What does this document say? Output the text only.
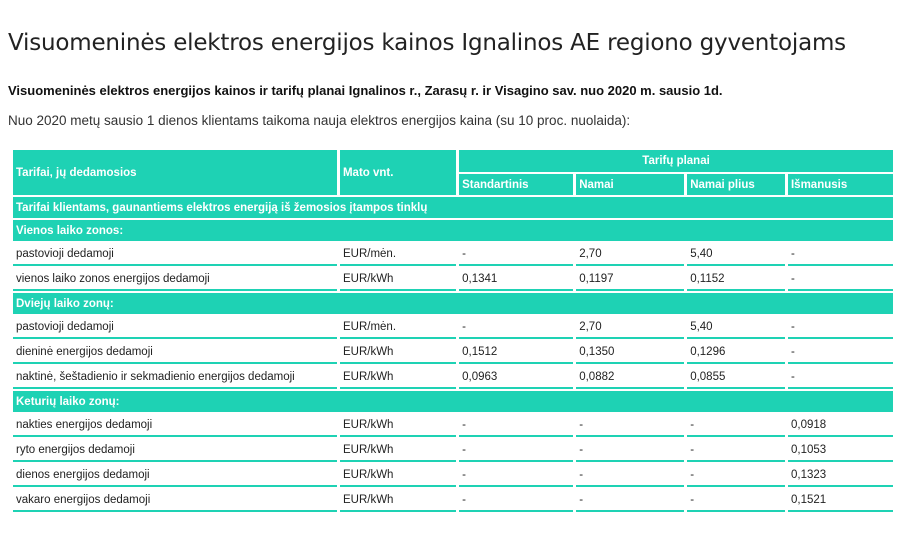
Visuomeninės elektros energijos kainos Ignalinos AE regiono gyventojams

Visuomeninės elektros energijos kainos ir tarifų planai Ignalinos r., Zarasų r. ir Visagino sav. nuo 2020 m. sausio 1d.

Nuo 2020 metų sausio 1 dienos klientams taikoma nauja elektros energijos kaina (su 10 proc. nuolaida):

Tarifai, jų dedamosios	Mato vnt.	Tarifų planai			
		Standartinis	Namai	Namai plius	Išmanusis
Tarifai klientams, gaunantiems elektros energiją iš žemosios įtampos tinklų					
Vienos laiko zonos:					
pastovioji dedamoji	EUR/mėn.	-	2,70	5,40	-
vienos laiko zonos energijos dedamoji	EUR/kWh	0,1341	0,1197	0,1152	-
Dviejų laiko zonų:					
pastovioji dedamoji	EUR/mėn.	-	2,70	5,40	-
dieninė energijos dedamoji	EUR/kWh	0,1512	0,1350	0,1296	-
naktinė, šeštadienio ir sekmadienio energijos dedamoji	EUR/kWh	0,0963	0,0882	0,0855	-
Keturių laiko zonų:					
nakties energijos dedamoji	EUR/kWh	-	-	-	0,0918
ryto energijos dedamoji	EUR/kWh	-	-	-	0,1053
dienos energijos dedamoji	EUR/kWh	-	-	-	0,1323
vakaro energijos dedamoji	EUR/kWh	-	-	-	0,1521
